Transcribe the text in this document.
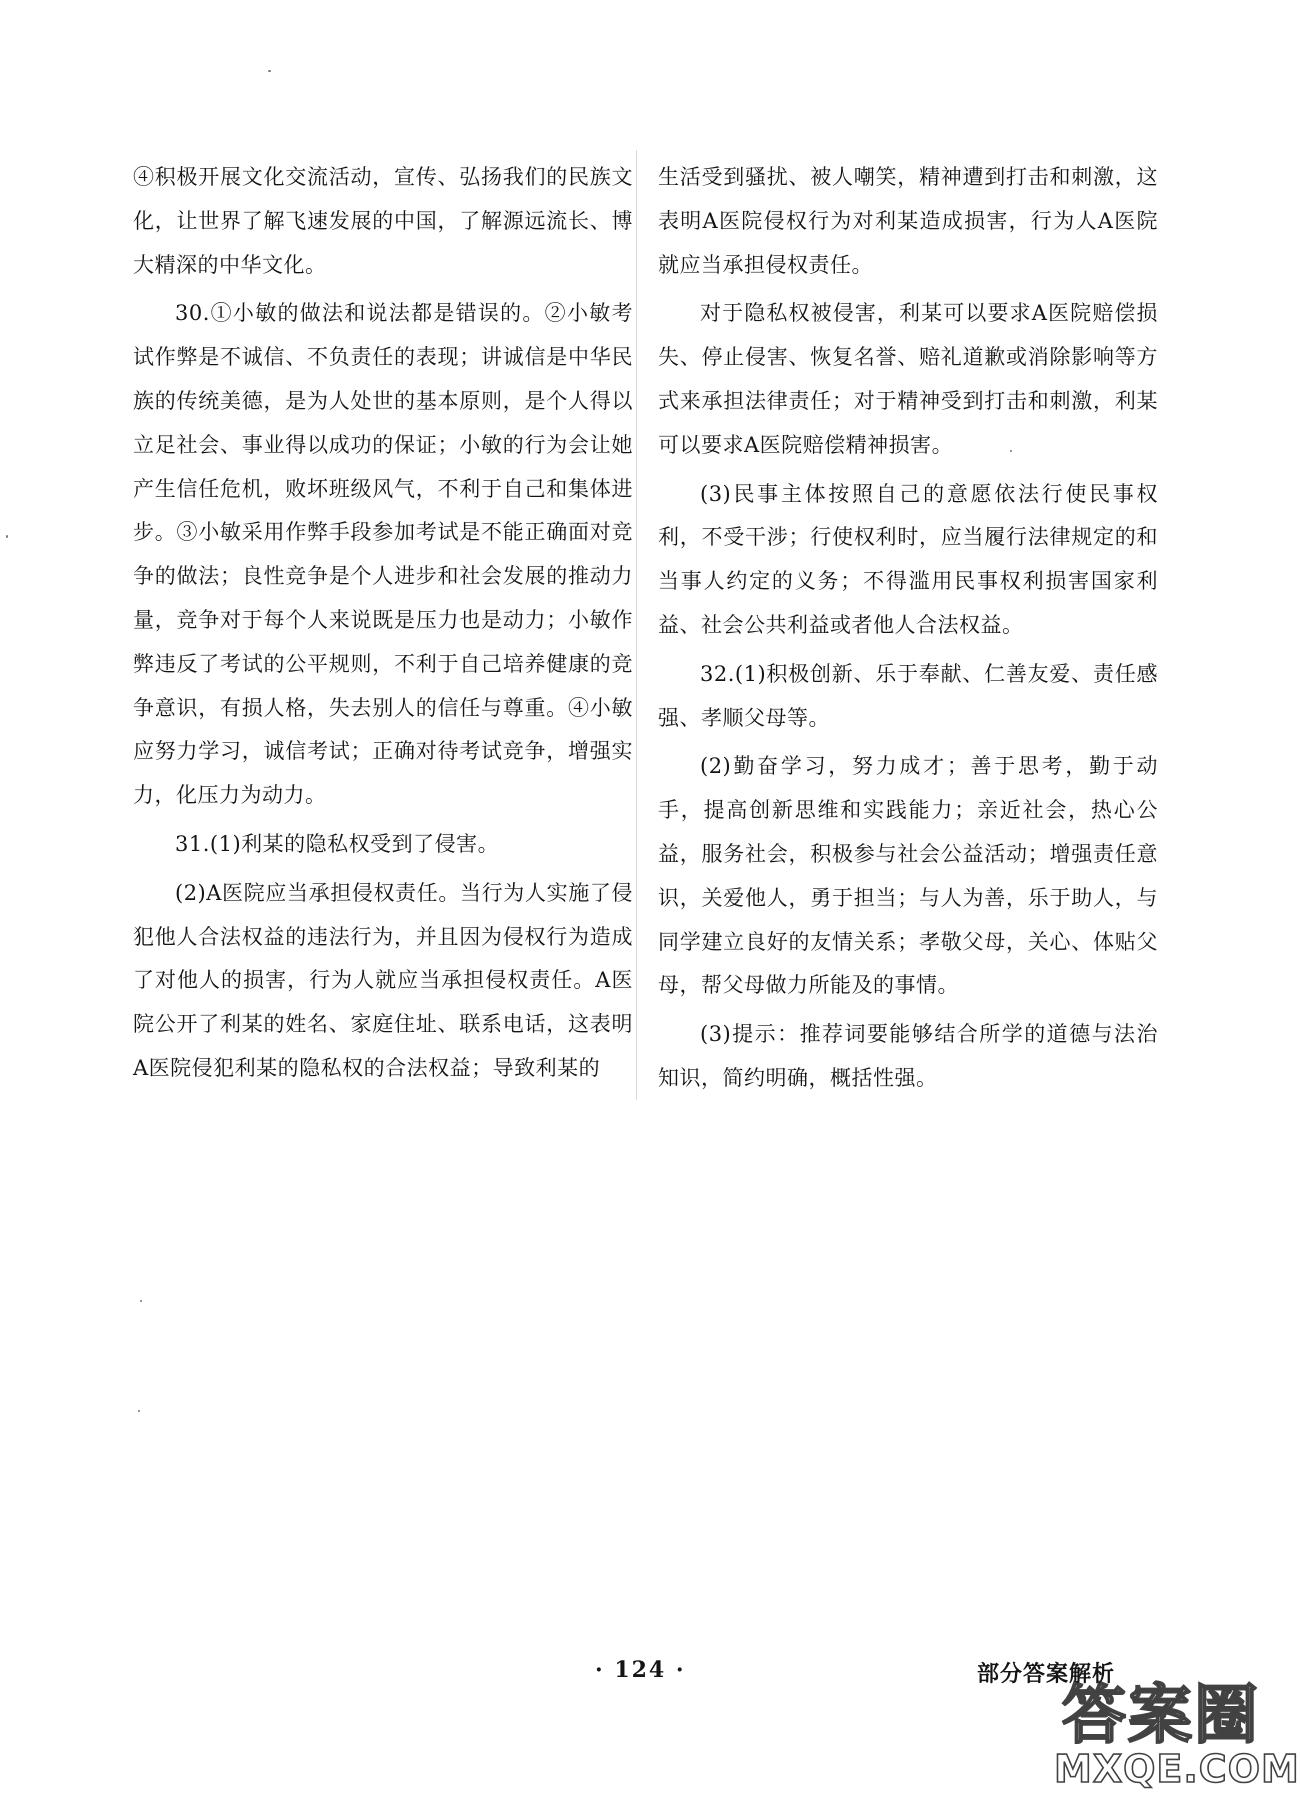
④积极开展文化交流活动，宣传、弘扬我们的民族文化，让世界了解飞速发展的中国，了解源远流长、博大精深的中华文化。

30.①小敏的做法和说法都是错误的。②小敏考试作弊是不诚信、不负责任的表现；讲诚信是中华民族的传统美德，是为人处世的基本原则，是个人得以立足社会、事业得以成功的保证；小敏的行为会让她产生信任危机，败坏班级风气，不利于自己和集体进步。③小敏采用作弊手段参加考试是不能正确面对竞争的做法；良性竞争是个人进步和社会发展的推动力量，竞争对于每个人来说既是压力也是动力；小敏作弊违反了考试的公平规则，不利于自己培养健康的竞争意识，有损人格，失去别人的信任与尊重。④小敏应努力学习，诚信考试；正确对待考试竞争，增强实力，化压力为动力。

31.(1)利某的隐私权受到了侵害。

(2)A医院应当承担侵权责任。当行为人实施了侵犯他人合法权益的违法行为，并且因为侵权行为造成了对他人的损害，行为人就应当承担侵权责任。A医院公开了利某的姓名、家庭住址、联系电话，这表明A医院侵犯利某的隐私权的合法权益；导致利某的

生活受到骚扰、被人嘲笑，精神遭到打击和刺激，这表明A医院侵权行为对利某造成损害，行为人A医院就应当承担侵权责任。

对于隐私权被侵害，利某可以要求A医院赔偿损失、停止侵害、恢复名誉、赔礼道歉或消除影响等方式来承担法律责任；对于精神受到打击和刺激，利某可以要求A医院赔偿精神损害。

(3)民事主体按照自己的意愿依法行使民事权利，不受干涉；行使权利时，应当履行法律规定的和当事人约定的义务；不得滥用民事权利损害国家利益、社会公共利益或者他人合法权益。

32.(1)积极创新、乐于奉献、仁善友爱、责任感强、孝顺父母等。

(2)勤奋学习，努力成才；善于思考，勤于动手，提高创新思维和实践能力；亲近社会，热心公益，服务社会，积极参与社会公益活动；增强责任意识，关爱他人，勇于担当；与人为善，乐于助人，与同学建立良好的友情关系；孝敬父母，关心、体贴父母，帮父母做力所能及的事情。

(3)提示：推荐词要能够结合所学的道德与法治知识，简约明确，概括性强。

· 124 ·	部分答案解析
答案圈
MXQE.COM
